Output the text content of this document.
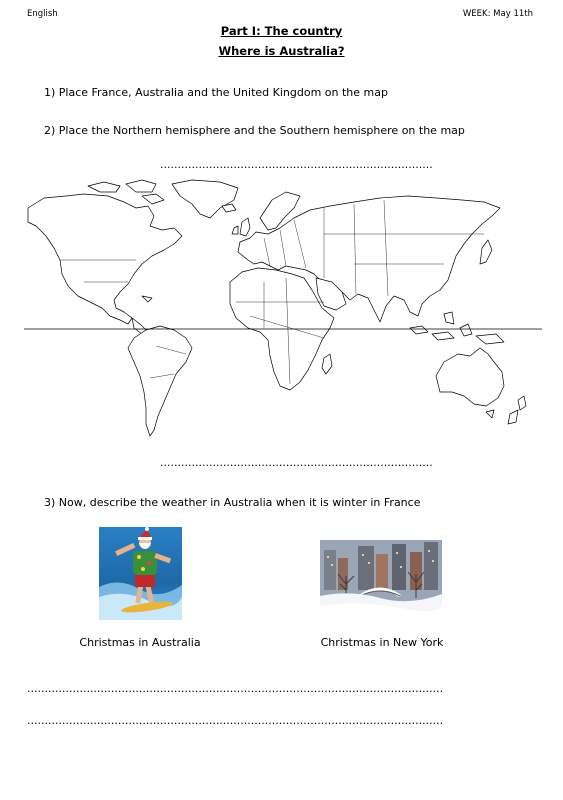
English	WEEK: May 11th
Part I: The country
Where is Australia?
1) Place France, Australia and the United Kingdom on the map
2) Place the Northern hemisphere and the Southern hemisphere on the map
..............................................................................
..............................................................................
3) Now, describe the weather in Australia when it is winter in France
Christmas in Australia	Christmas in New York
.......................................................................................................................
.......................................................................................................................
